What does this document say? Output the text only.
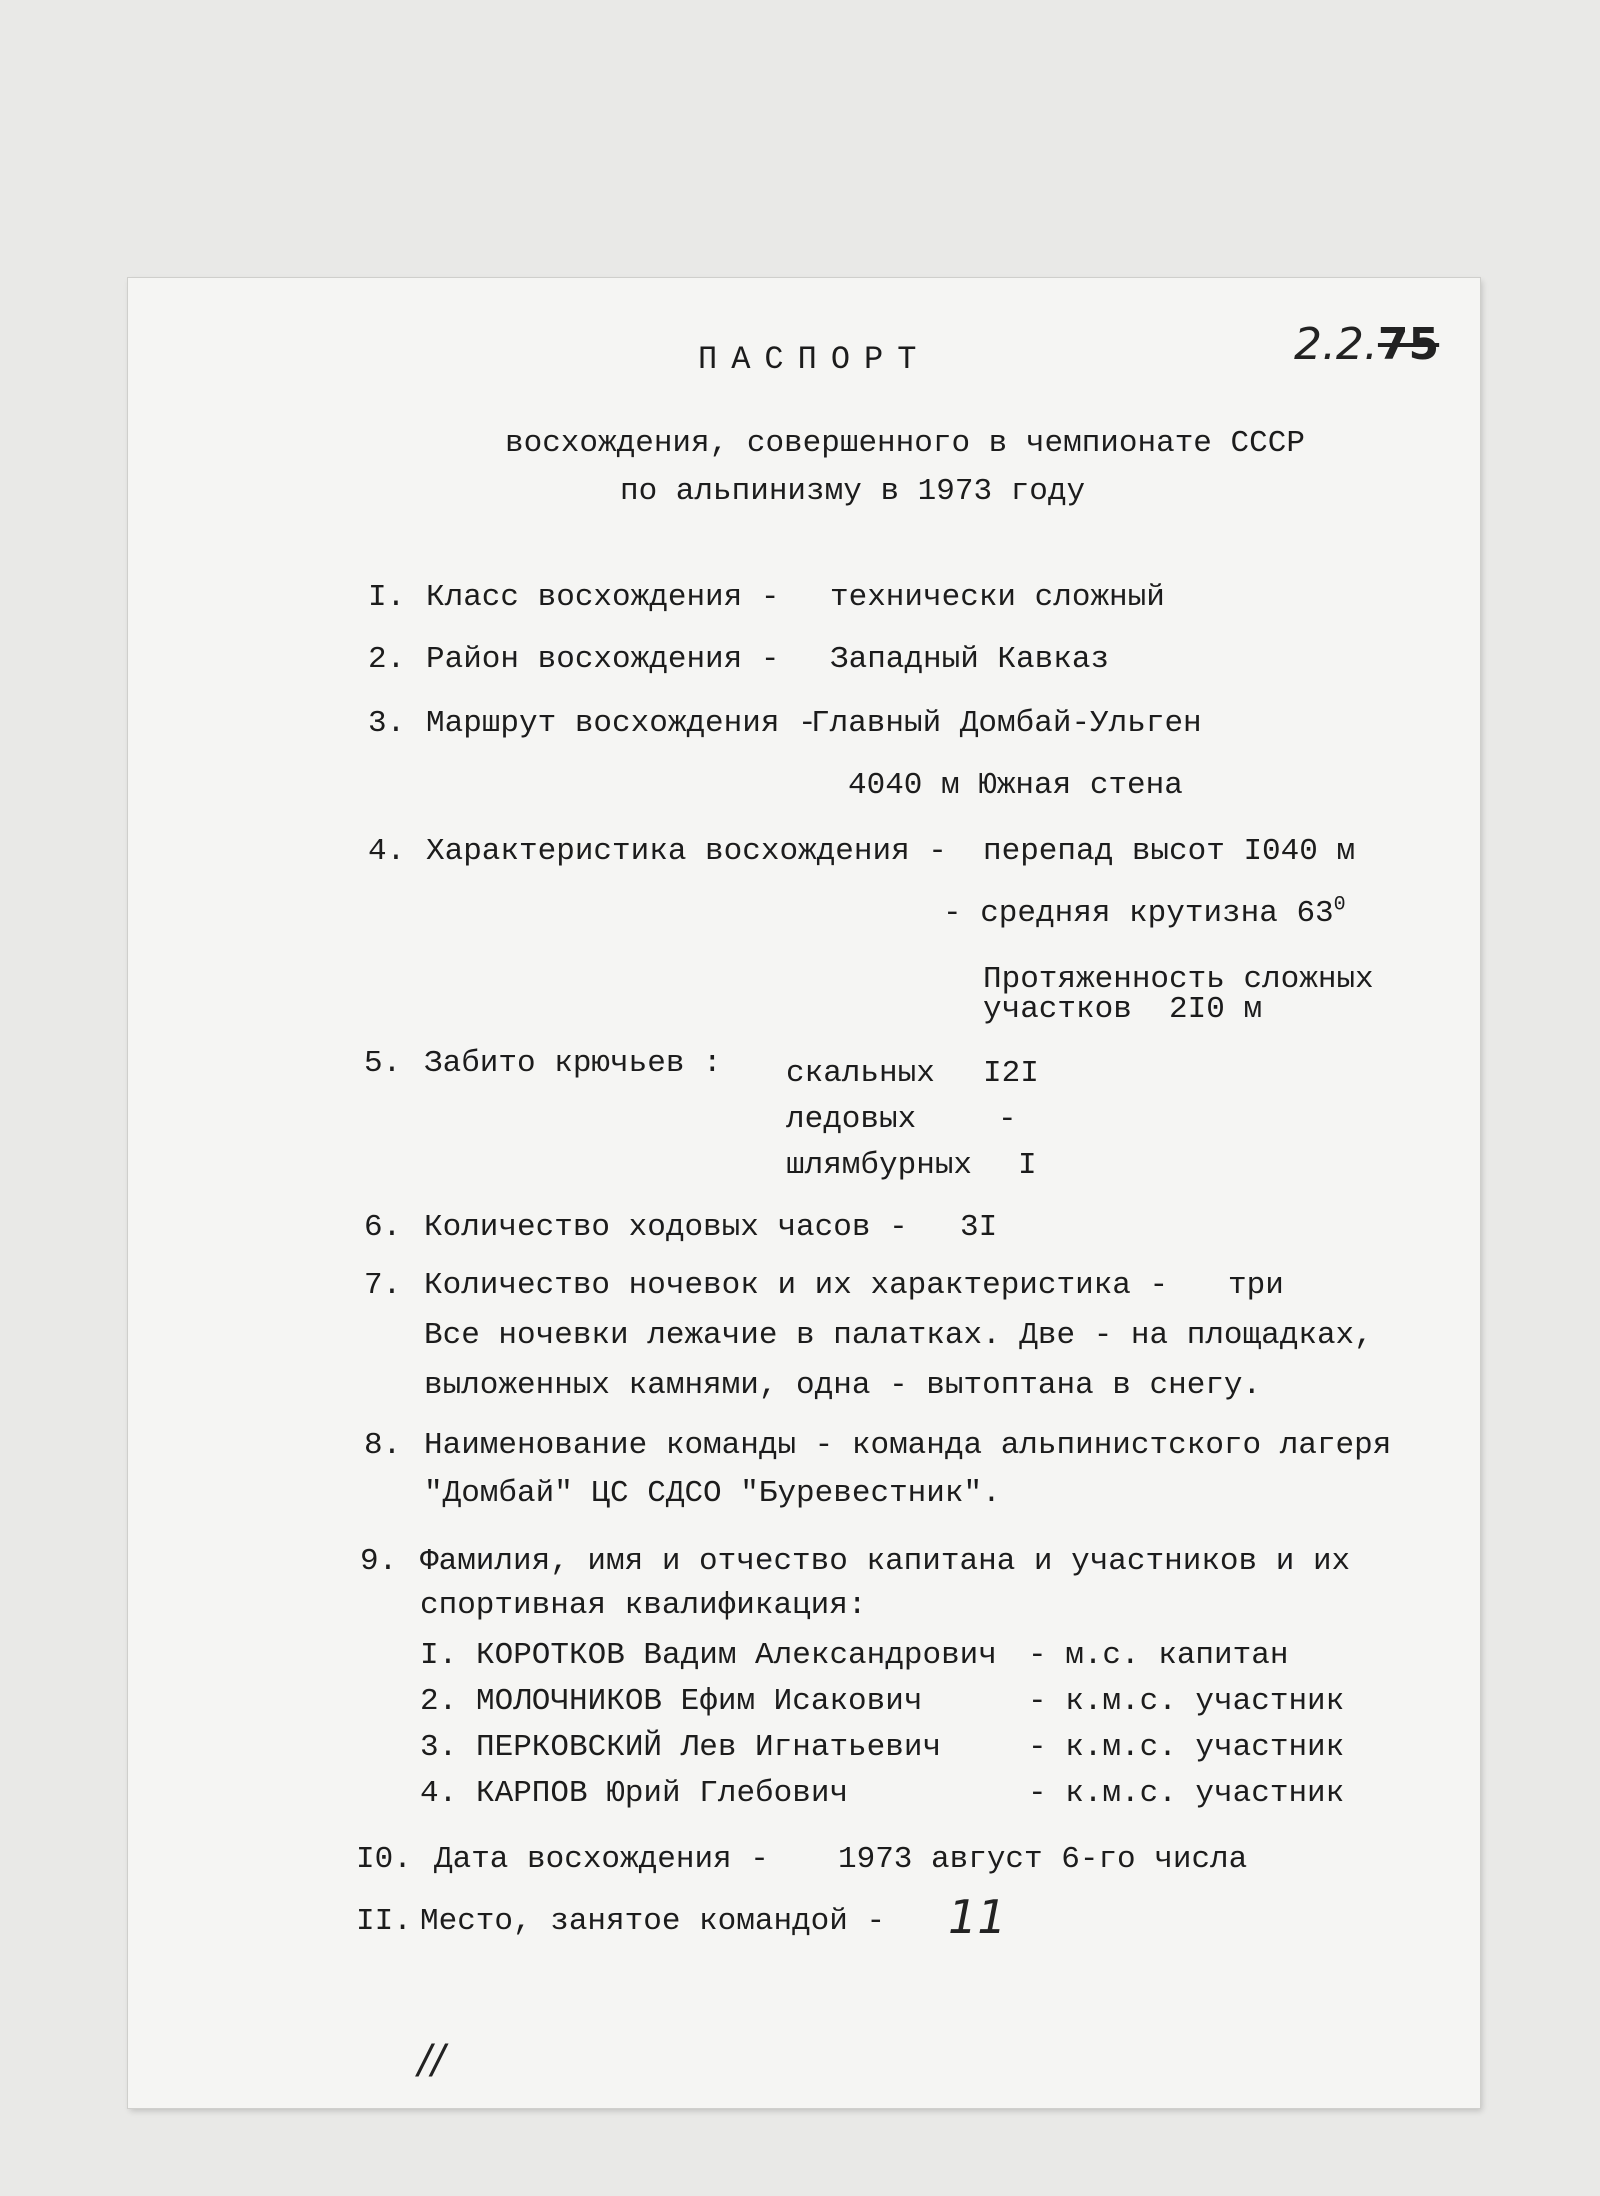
2.2.75

ПАСПОРТ
восхождения, совершенного в чемпионате СССР
по альпинизму в 1973 году
I. Класс восхождения - технически сложный
2. Район восхождения - Западный Кавказ
3. Маршрут восхождения -
Главный Домбай-Ульген
4040 м Южная стена
4. Характеристика восхождения - перепад высот I040 м
- средняя крутизна $63^0$
Протяженность сложных
участков  2I0 м
5. Забито крючьев : скальных I2I
ледовых	-
шлямбурных I
6. Количество ходовых часов - 3I
7. Количество ночевок и их характеристика - три
Все ночевки лежачие в палатках. Две - на площадках,
выложенных камнями, одна - вытоптана в снегу.
8. Наименование команды - команда альпинистского лагеря
"Домбай" ЦС СДСО "Буревестник".
9. Фамилия, имя и отчество капитана и участников и их
спортивная квалификация:
I. КОРОТКОВ Вадим Александрович - м.с. капитан
2. МОЛОЧНИКОВ Ефим Исакович	- к.м.с. участник
3. ПЕРКОВСКИЙ Лев Игнатьевич	- к.м.с. участник
4. КАРПОВ Юрий Глебович	- к.м.с. участник
I0. Дата восхождения - 1973 август 6-го числа
II. Место, занятое командой - 11
//
